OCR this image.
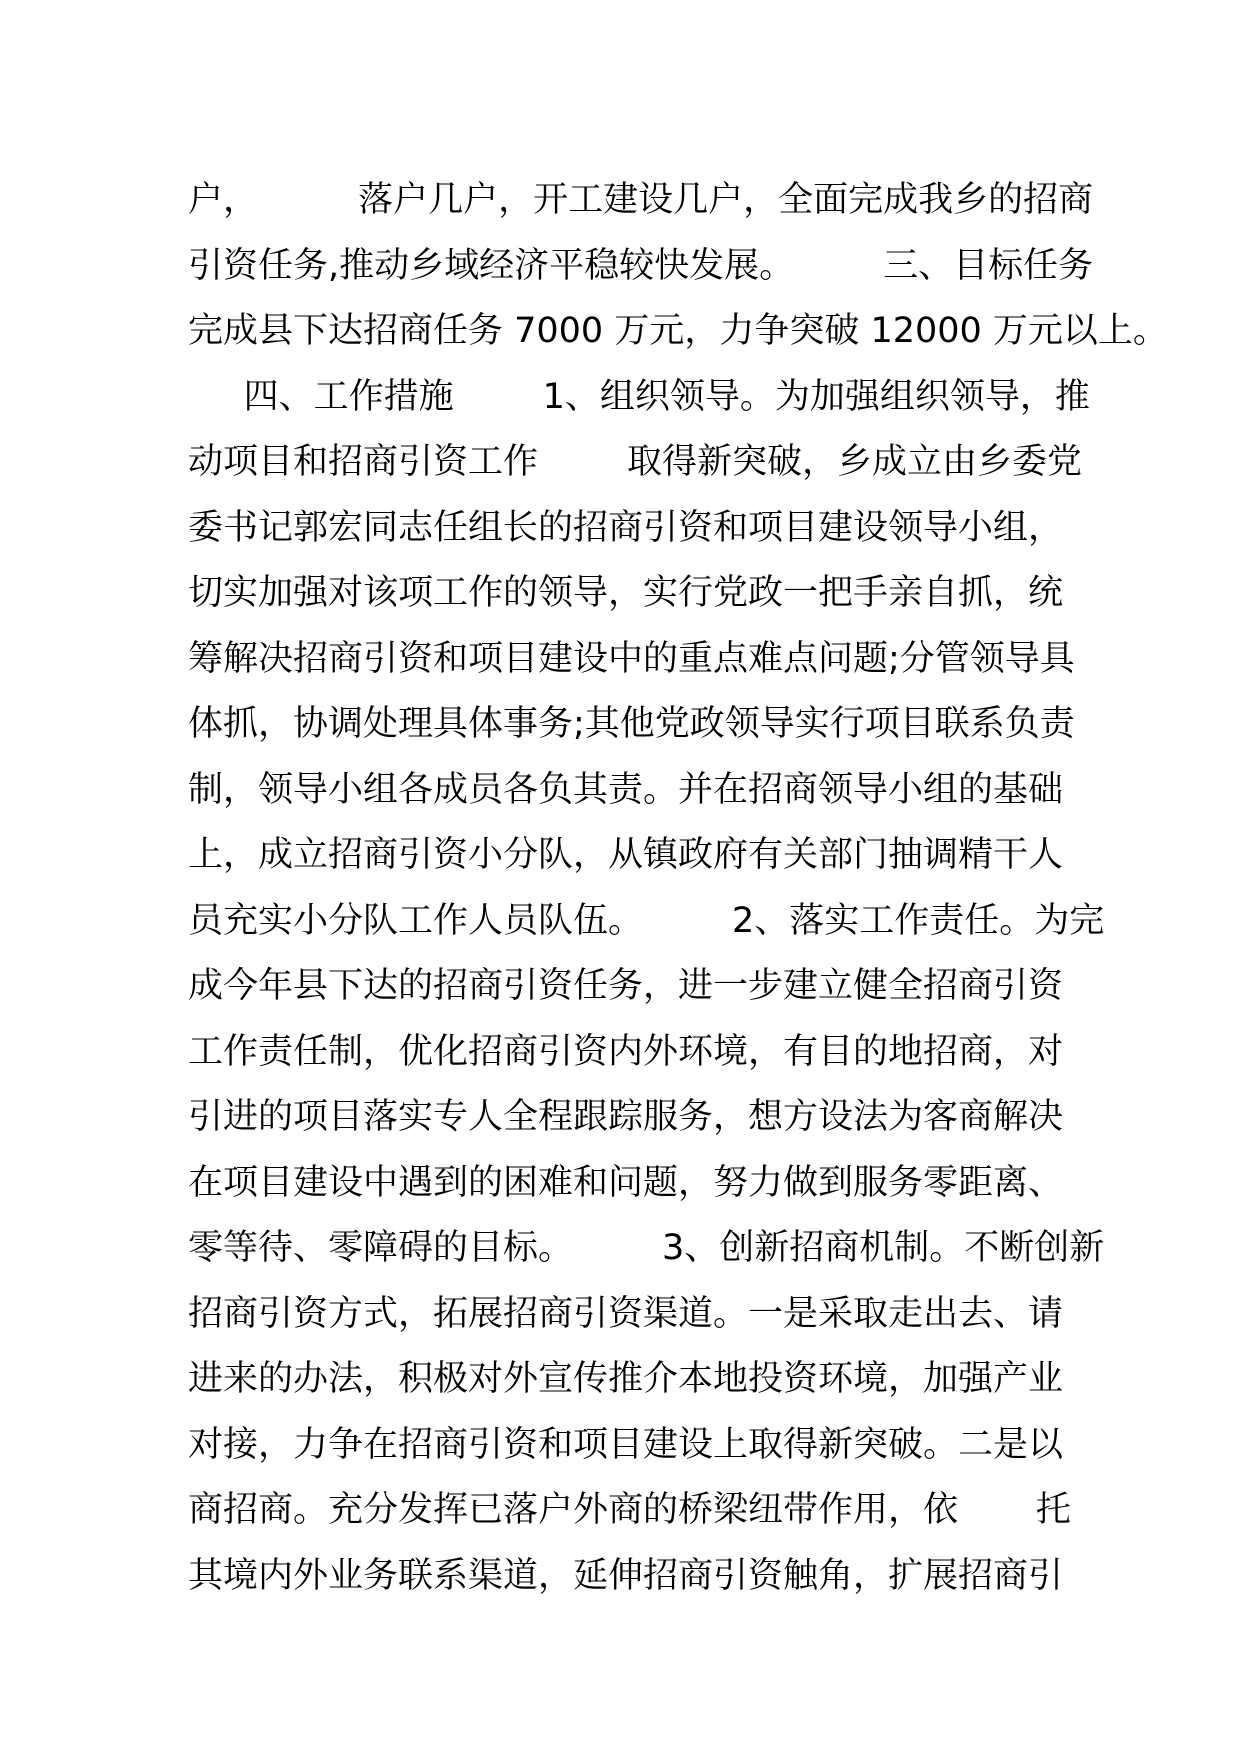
户，         落户几户，开工建设几户，全面完成我乡的招商
引资任务,推动乡域经济平稳较快发展。        三、目标任务
完成县下达招商任务 7000 万元，力争突破 12000 万元以上。
四、工作措施        1、组织领导。为加强组织领导，推
动项目和招商引资工作        取得新突破，乡成立由乡委党
委书记郭宏同志任组长的招商引资和项目建设领导小组，
切实加强对该项工作的领导，实行党政一把手亲自抓，统
筹解决招商引资和项目建设中的重点难点问题;分管领导具
体抓，协调处理具体事务;其他党政领导实行项目联系负责
制，领导小组各成员各负其责。并在招商领导小组的基础
上，成立招商引资小分队，从镇政府有关部门抽调精干人
员充实小分队工作人员队伍。        2、落实工作责任。为完
成今年县下达的招商引资任务，进一步建立健全招商引资
工作责任制，优化招商引资内外环境，有目的地招商，对
引进的项目落实专人全程跟踪服务，想方设法为客商解决
在项目建设中遇到的困难和问题，努力做到服务零距离、
零等待、零障碍的目标。        3、创新招商机制。不断创新
招商引资方式，拓展招商引资渠道。一是采取走出去、请
进来的办法，积极对外宣传推介本地投资环境，加强产业
对接，力争在招商引资和项目建设上取得新突破。二是以
商招商。充分发挥已落户外商的桥梁纽带作用，依       托
其境内外业务联系渠道，延伸招商引资触角，扩展招商引
